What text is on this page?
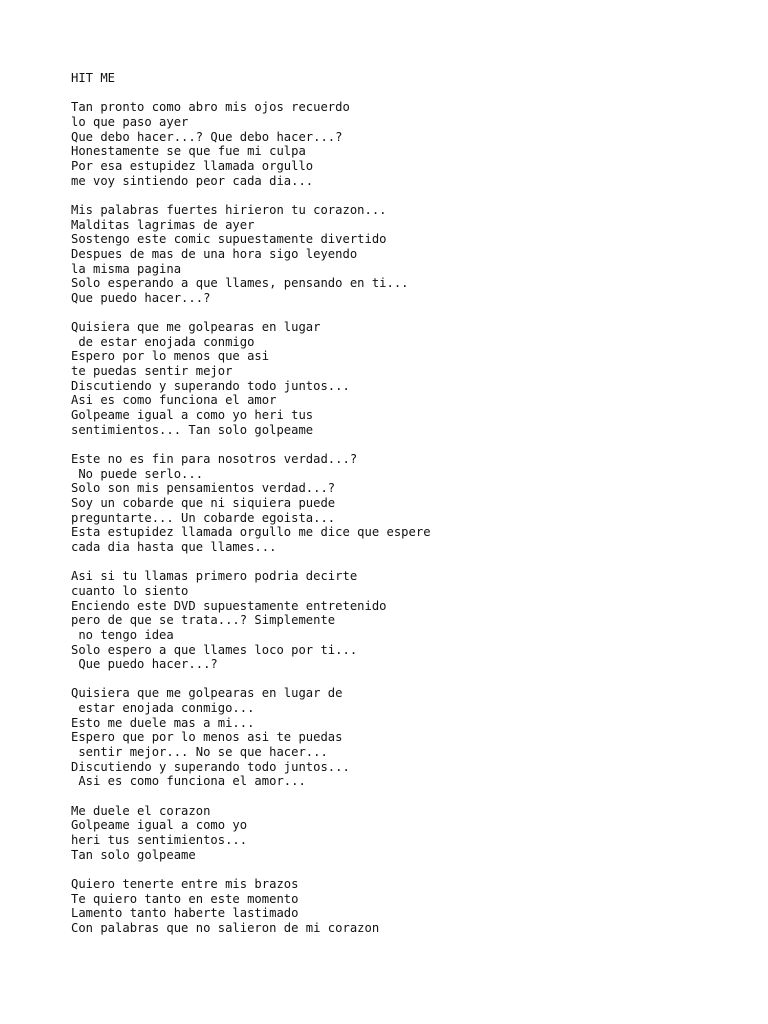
HIT ME
Tan pronto como abro mis ojos recuerdo
lo que paso ayer
Que debo hacer...? Que debo hacer...?
Honestamente se que fue mi culpa
Por esa estupidez llamada orgullo
me voy sintiendo peor cada dia...
Mis palabras fuertes hirieron tu corazon...
Malditas lagrimas de ayer
Sostengo este comic supuestamente divertido
Despues de mas de una hora sigo leyendo
la misma pagina
Solo esperando a que llames, pensando en ti...
Que puedo hacer...?
Quisiera que me golpearas en lugar
de estar enojada conmigo
Espero por lo menos que asi
te puedas sentir mejor
Discutiendo y superando todo juntos...
Asi es como funciona el amor
Golpeame igual a como yo heri tus
sentimientos... Tan solo golpeame
Este no es fin para nosotros verdad...?
No puede serlo...
Solo son mis pensamientos verdad...?
Soy un cobarde que ni siquiera puede
preguntarte... Un cobarde egoista...
Esta estupidez llamada orgullo me dice que espere
cada dia hasta que llames...
Asi si tu llamas primero podria decirte
cuanto lo siento
Enciendo este DVD supuestamente entretenido
pero de que se trata...? Simplemente
no tengo idea
Solo espero a que llames loco por ti...
Que puedo hacer...?
Quisiera que me golpearas en lugar de
estar enojada conmigo...
Esto me duele mas a mi...
Espero que por lo menos asi te puedas
sentir mejor... No se que hacer...
Discutiendo y superando todo juntos...
Asi es como funciona el amor...
Me duele el corazon
Golpeame igual a como yo
heri tus sentimientos...
Tan solo golpeame
Quiero tenerte entre mis brazos
Te quiero tanto en este momento
Lamento tanto haberte lastimado
Con palabras que no salieron de mi corazon
